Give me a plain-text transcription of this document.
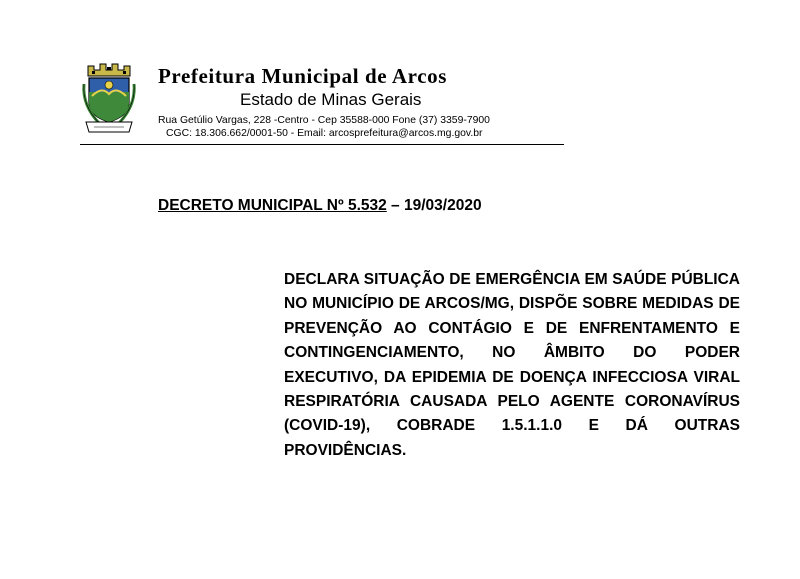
Prefeitura Municipal de Arcos
Estado de Minas Gerais
Rua Getúlio Vargas, 228 -Centro - Cep 35588-000 Fone (37) 3359-7900
CGC: 18.306.662/0001-50 - Email: arcosprefeitura@arcos.mg.gov.br
DECRETO MUNICIPAL Nº 5.532 – 19/03/2020

DECLARA SITUAÇÃO DE EMERGÊNCIA EM SAÚDE PÚBLICA NO MUNICÍPIO DE ARCOS/MG, DISPÕE SOBRE MEDIDAS DE PREVENÇÃO AO CONTÁGIO E DE ENFRENTAMENTO E CONTINGENCIAMENTO, NO ÂMBITO DO PODER EXECUTIVO, DA EPIDEMIA DE DOENÇA INFECCIOSA VIRAL RESPIRATÓRIA CAUSADA PELO AGENTE CORONAVÍRUS (COVID-19), COBRADE 1.5.1.1.0 E DÁ OUTRAS PROVIDÊNCIAS.
